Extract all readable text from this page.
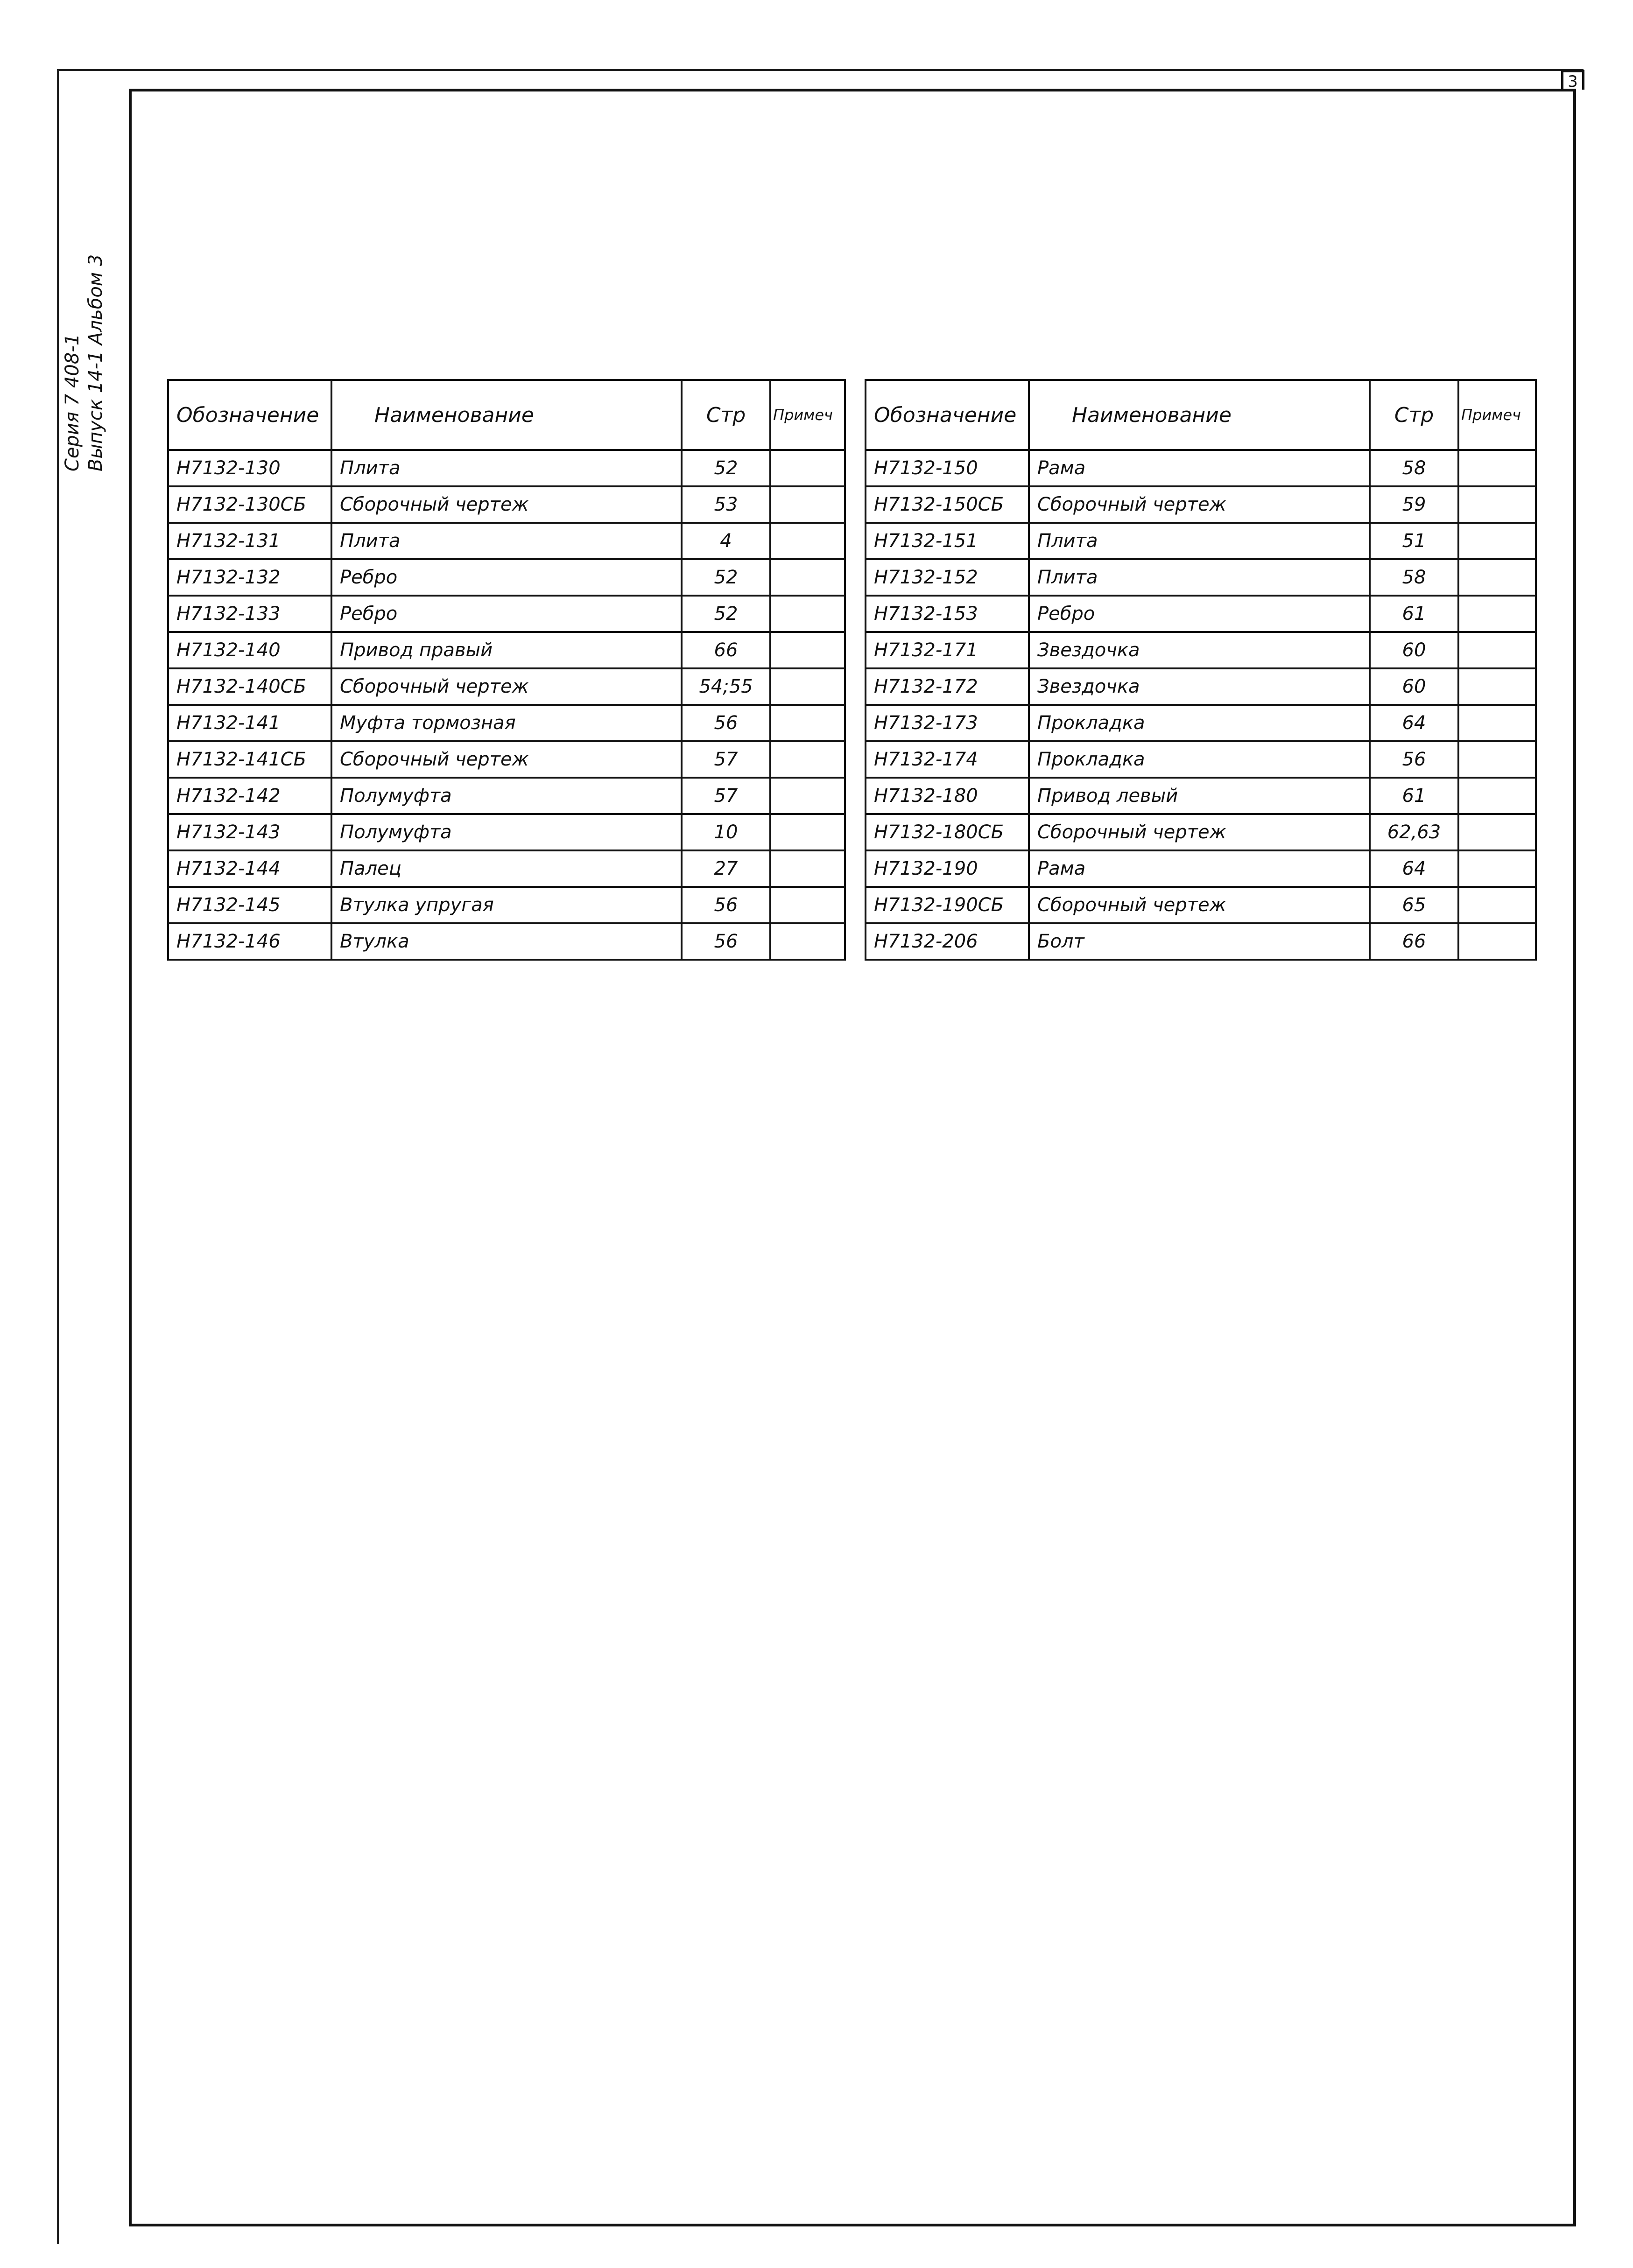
3
Серия 7 408-1 Выпуск 14-1 Альбом 3	Обозначение	Наименование	Стр	Примеч
Н7132-130	Плита	52	
Н7132-130СБ	Сборочный чертеж	53	
Н7132-131	Плита	4	
Н7132-132	Ребро	52	
Н7132-133	Ребро	52	
Н7132-140	Привод правый	66	
Н7132-140СБ	Сборочный чертеж	54;55	
Н7132-141	Муфта тормозная	56	
Н7132-141СБ	Сборочный чертеж	57	
Н7132-142	Полумуфта	57	
Н7132-143	Полумуфта	10	
Н7132-144	Палец	27	
Н7132-145	Втулка упругая	56	
Н7132-146	Втулка	56	
Обозначение	Наименование	Стр	Примеч
Н7132-150	Рама	58	
Н7132-150СБ	Сборочный чертеж	59	
Н7132-151	Плита	51	
Н7132-152	Плита	58	
Н7132-153	Ребро	61	
Н7132-171	Звездочка	60	
Н7132-172	Звездочка	60	
Н7132-173	Прокладка	64	
Н7132-174	Прокладка	56	
Н7132-180	Привод левый	61	
Н7132-180СБ	Сборочный чертеж	62,63	
Н7132-190	Рама	64	
Н7132-190СБ	Сборочный чертеж	65	
Н7132-206	Болт	66	
